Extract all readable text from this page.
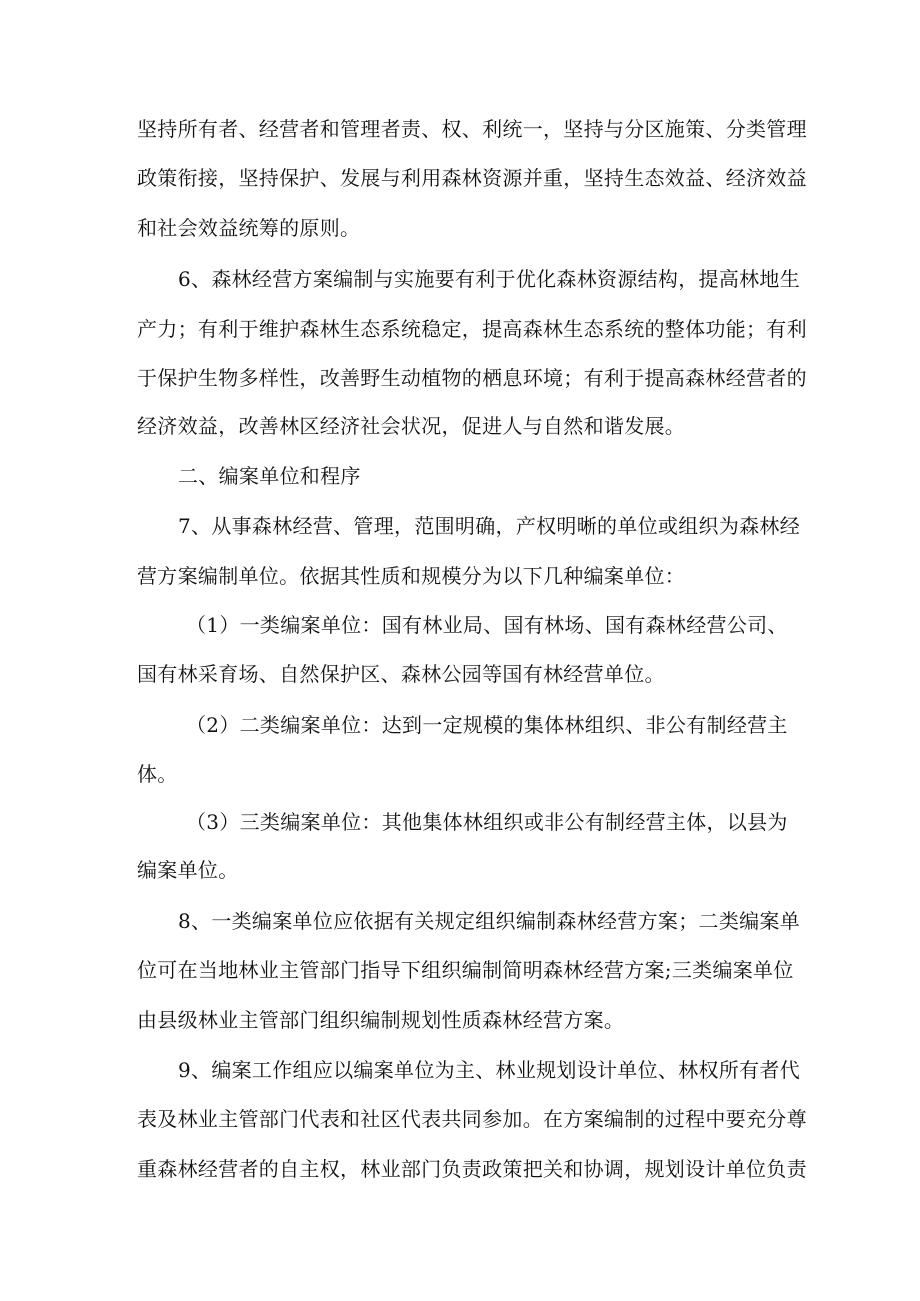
坚持所有者、经营者和管理者责、权、利统一，坚持与分区施策、分类管理
政策衔接，坚持保护、发展与利用森林资源并重，坚持生态效益、经济效益
和社会效益统筹的原则。
6、森林经营方案编制与实施要有利于优化森林资源结构，提高林地生
产力；有利于维护森林生态系统稳定，提高森林生态系统的整体功能；有利
于保护生物多样性，改善野生动植物的栖息环境；有利于提高森林经营者的
经济效益，改善林区经济社会状况，促进人与自然和谐发展。
二、编案单位和程序
7、从事森林经营、管理，范围明确，产权明晰的单位或组织为森林经
营方案编制单位。依据其性质和规模分为以下几种编案单位：
（1）一类编案单位：国有林业局、国有林场、国有森林经营公司、
国有林采育场、自然保护区、森林公园等国有林经营单位。
（2）二类编案单位：达到一定规模的集体林组织、非公有制经营主
体。
（3）三类编案单位：其他集体林组织或非公有制经营主体，以县为
编案单位。
8、一类编案单位应依据有关规定组织编制森林经营方案；二类编案单
位可在当地林业主管部门指导下组织编制简明森林经营方案;三类编案单位
由县级林业主管部门组织编制规划性质森林经营方案。
9、编案工作组应以编案单位为主、林业规划设计单位、林权所有者代
表及林业主管部门代表和社区代表共同参加。在方案编制的过程中要充分尊
重森林经营者的自主权，林业部门负责政策把关和协调，规划设计单位负责
